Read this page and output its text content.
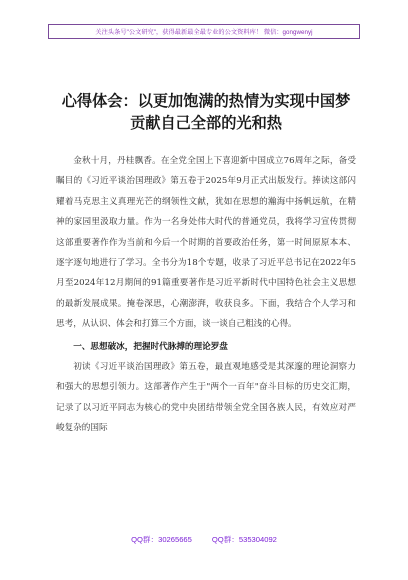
关注头条号"公文研究"，获得最新最全最专业的公文资料库！ 微信：gongwenyj
心得体会：以更加饱满的热情为实现中国梦贡献自己全部的光和热

金秋十月，丹桂飘香。在全党全国上下喜迎新中国成立76周年之际，备受瞩目的《习近平谈治国理政》第五卷于2025年9月正式出版发行。捧读这部闪耀着马克思主义真理光芒的纲领性文献，犹如在思想的瀚海中扬帆远航，在精神的家园里汲取力量。作为一名身处伟大时代的普通党员，我将学习宣传贯彻这部重要著作作为当前和今后一个时期的首要政治任务，第一时间原原本本、逐字逐句地进行了学习。全书分为18个专题，收录了习近平总书记在2022年5月至2024年12月期间的91篇重要著作是习近平新时代中国特色社会主义思想的最新发展成果。掩卷深思，心潮澎湃，收获良多。下面，我结合个人学习和思考，从认识、体会和打算三个方面，谈一谈自己粗浅的心得。

一、思想破冰，把握时代脉搏的理论罗盘

初读《习近平谈治国理政》第五卷，最直观地感受是其深邃的理论洞察力和强大的思想引领力。这部著作产生于"两个一百年"奋斗目标的历史交汇期，记录了以习近平同志为核心的党中央团结带领全党全国各族人民，有效应对严峻复杂的国际

QQ群：30265665	QQ群：535304092
